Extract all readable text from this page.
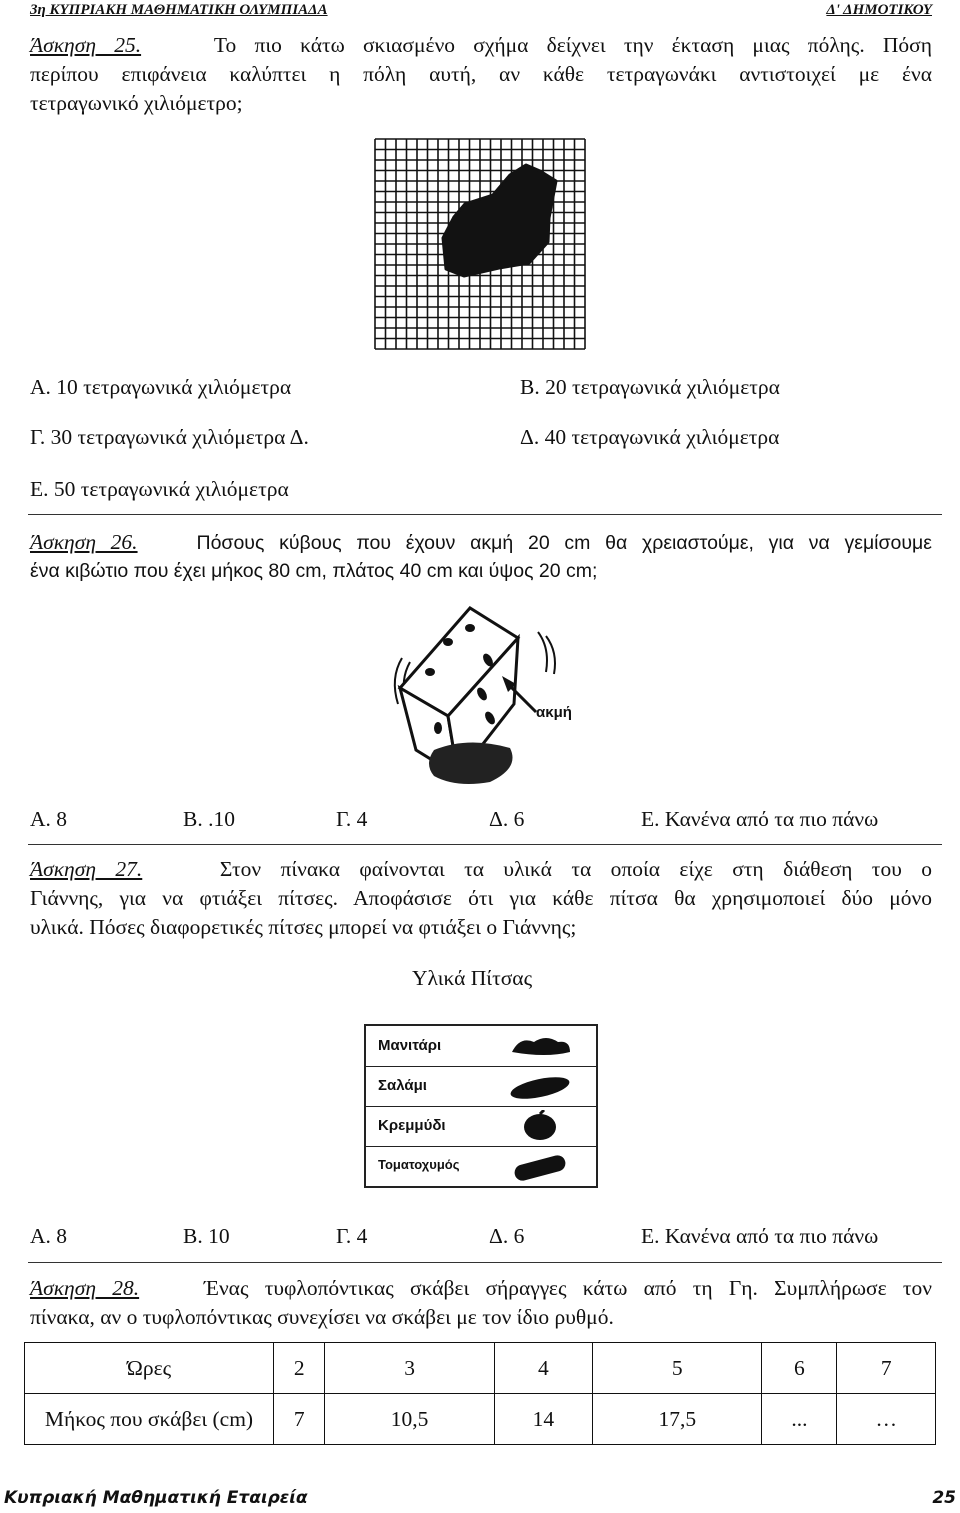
3η ΚΥΠΡΙΑΚΗ ΜΑΘΗΜΑΤΙΚΗ ΟΛΥΜΠΙΑΔΑ	Δ' ΔΗΜΟΤΙΚΟΥ
Άσκηση 25.	Το πιο κάτω σκιασμένο σχήμα δείχνει την έκταση μιας πόλης. Πόση
περίπου επιφάνεια καλύπτει η πόλη αυτή, αν κάθε τετραγωνάκι αντιστοιχεί με ένα
τετραγωνικό χιλιόμετρο;
Α. 10 τετραγωνικά χιλιόμετρα	Β. 20 τετραγωνικά χιλιόμετρα
Γ. 30 τετραγωνικά χιλιόμετρα Δ.	Δ. 40 τετραγωνικά χιλιόμετρα
Ε. 50 τετραγωνικά χιλιόμετρα
Άσκηση 26.	Πόσους κύβους που έχουν ακμή 20 cm θα χρειαστούμε, για να γεμίσουμε
ένα κιβώτιο που έχει μήκος 80 cm, πλάτος 40 cm και ύψος 20 cm;
ακμή
Α. 8	Β. .10	Γ. 4	Δ. 6	Ε. Κανένα από τα πιο πάνω
Άσκηση 27.	Στον πίνακα φαίνονται τα υλικά τα οποία είχε στη διάθεση του ο
Γιάννης, για να φτιάξει πίτσες. Αποφάσισε ότι για κάθε πίτσα θα χρησιμοποιεί δύο μόνο
υλικά. Πόσες διαφορετικές πίτσες μπορεί να φτιάξει ο Γιάννης;
Υλικά Πίτσας
Μανιτάρι
Σαλάμι
Κρεμμύδι
Τοματοχυμός
Α. 8	Β. 10	Γ. 4	Δ. 6	Ε. Κανένα από τα πιο πάνω
Άσκηση 28.	Ένας τυφλοπόντικας σκάβει σήραγγες κάτω από τη Γη. Συμπλήρωσε τον
πίνακα, αν ο τυφλοπόντικας συνεχίσει να σκάβει με τον ίδιο ρυθμό.
Ώρες	2	3	4	5	6	7
Μήκος που σκάβει (cm)	7	10,5	14	17,5	...	…
Κυπριακή Μαθηματική Εταιρεία	25
